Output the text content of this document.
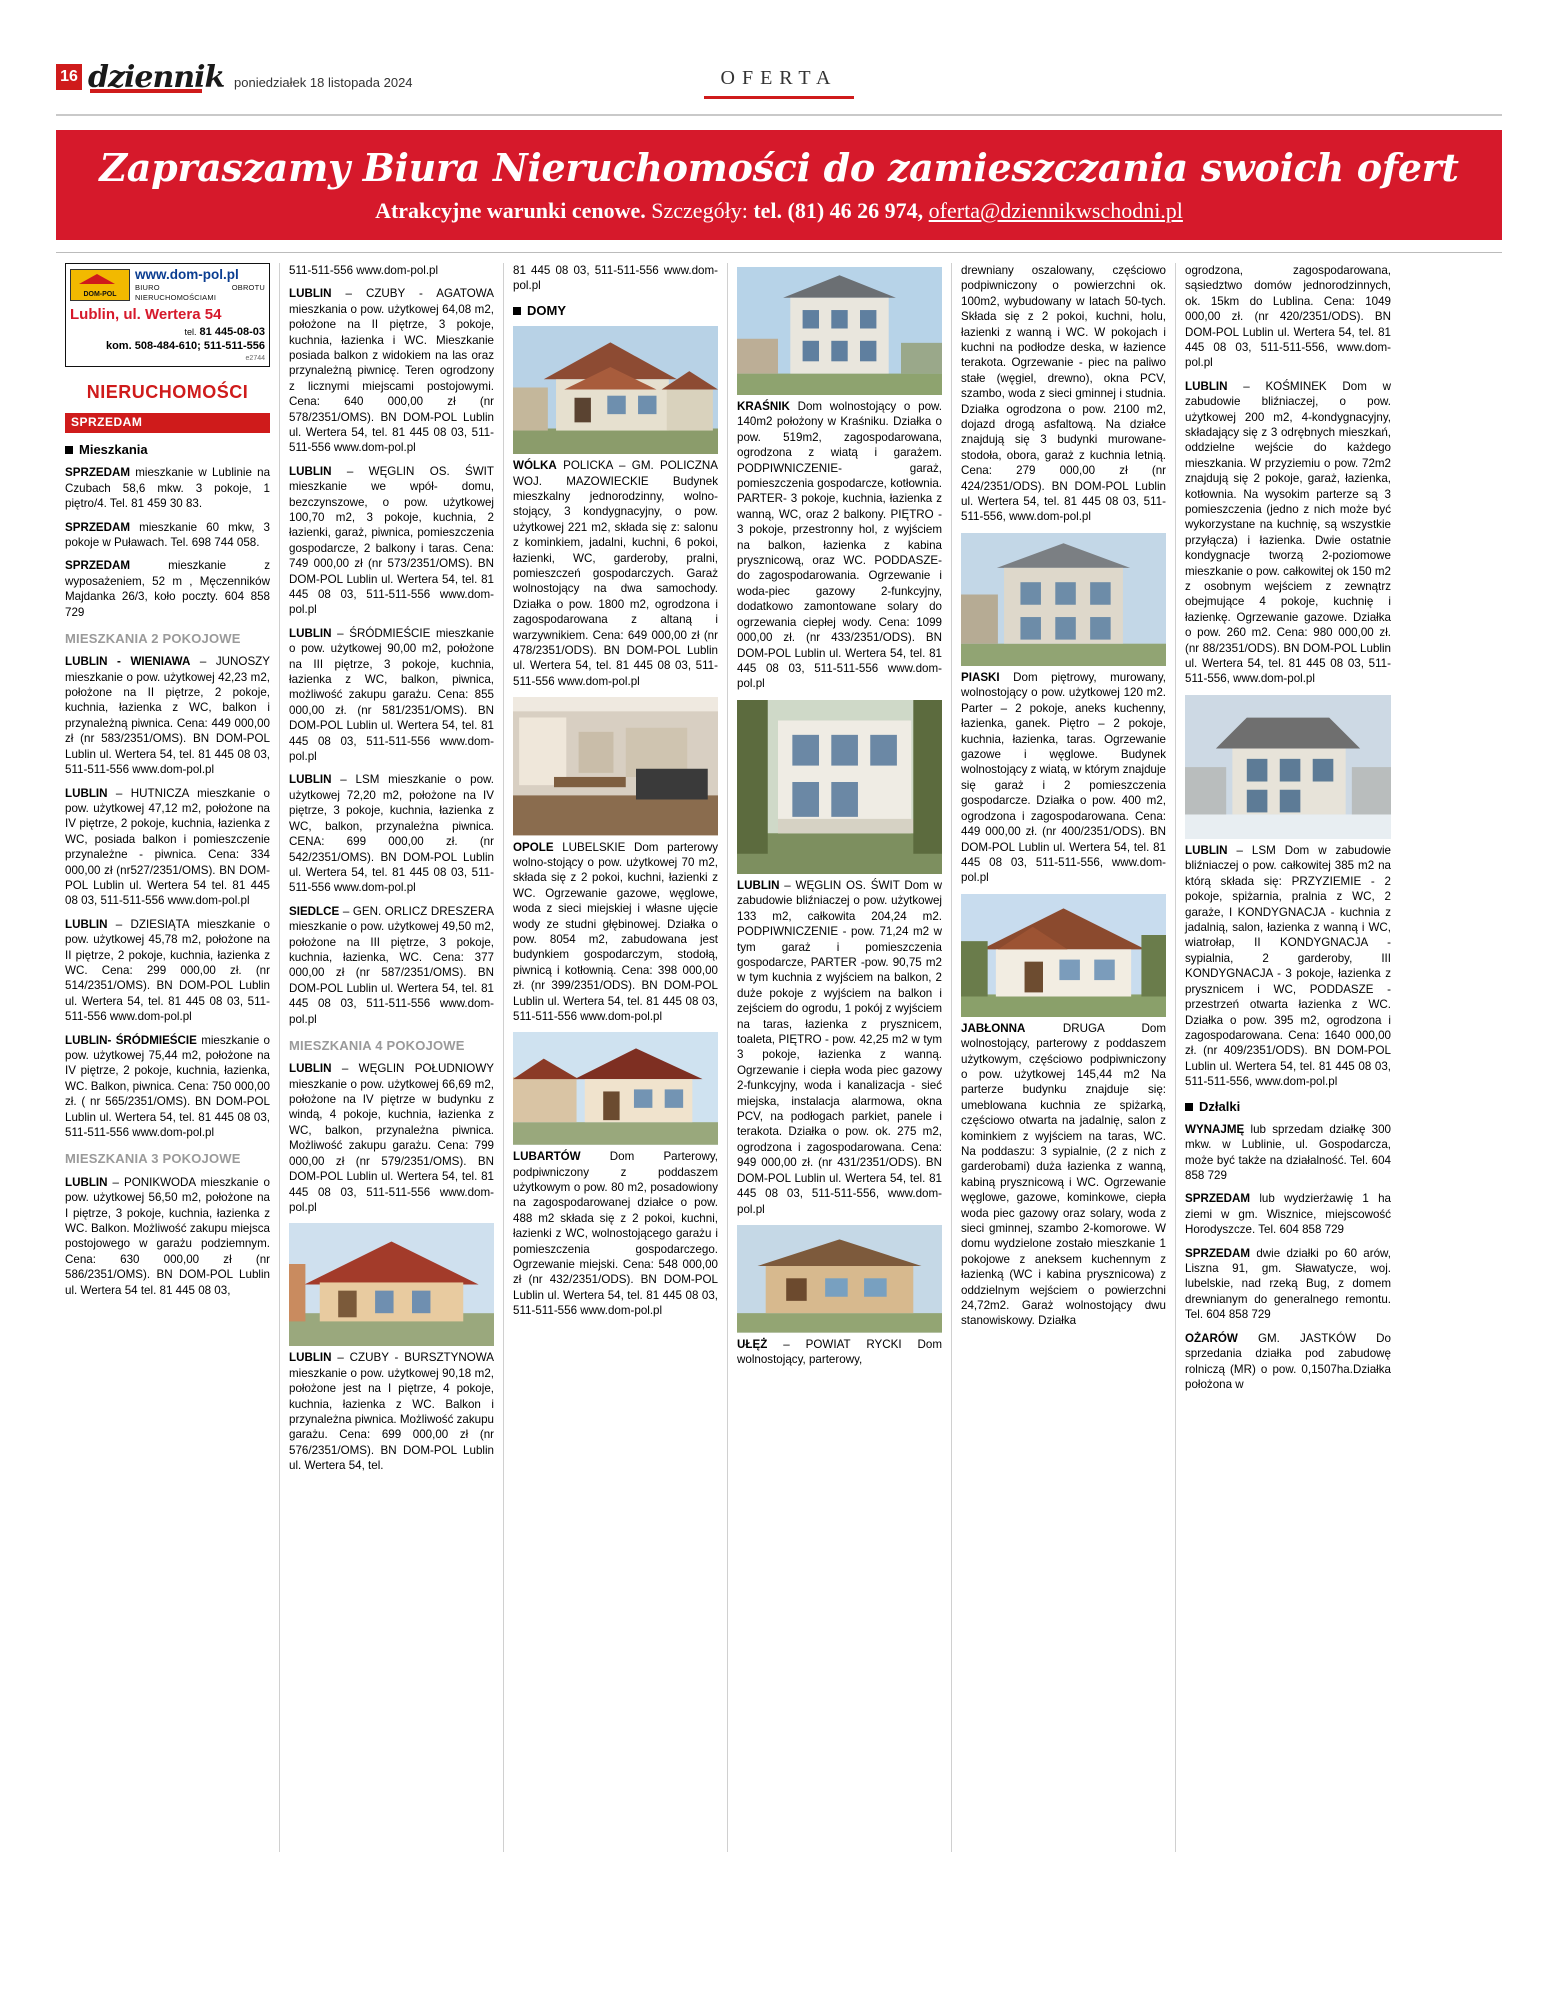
16 dziennik poniedziałek 18 listopada 2024	OFERTA
Zapraszamy Biura Nieruchomości do zamieszczania swoich ofert
Atrakcyjne warunki cenowe. Szczegóły: tel. (81) 46 26 974, oferta@dziennikwschodni.pl
DOM-POL
www.dom-pol.pl
BIURO OBROTU NIERUCHOMOŚCIAMI
Lublin, ul. Wertera 54
tel. 81 445-08-03
kom. 508-484-610; 511-511-556
e2744
NIERUCHOMOŚCI
SPRZEDAM
Mieszkania

SPRZEDAM mieszkanie w Lublinie na Czubach 58,6 mkw. 3 pokoje, 1 piętro/4. Tel. 81 459 30 83.

SPRZEDAM mieszkanie 60 mkw, 3 pokoje w Puławach. Tel. 698 744 058.

SPRZEDAM mieszkanie z wyposażeniem, 52 m , Męczenników Majdanka 26/3, koło poczty. 604 858 729

MIESZKANIA 2 POKOJOWE

LUBLIN - WIENIAWA – JUNOSZY mieszkanie o pow. użytkowej 42,23 m2, położone na II piętrze, 2 pokoje, kuchnia, łazienka z WC, balkon i przynależną piwnica. Cena: 449 000,00 zł (nr 583/2351/OMS). BN DOM-POL Lublin ul. Wertera 54, tel. 81 445 08 03, 511-511-556 www.dom-pol.pl

LUBLIN – HUTNICZA mieszkanie o pow. użytkowej 47,12 m2, położone na IV piętrze, 2 pokoje, kuchnia, łazienka z WC, posiada balkon i pomieszczenie przynależne - piwnica. Cena: 334 000,00 zł (nr527/2351/OMS). BN DOM-POL Lublin ul. Wertera 54 tel. 81 445 08 03, 511-511-556 www.dom-pol.pl

LUBLIN – DZIESIĄTA mieszkanie o pow. użytkowej 45,78 m2, położone na II piętrze, 2 pokoje, kuchnia, łazienka z WC. Cena: 299 000,00 zł. (nr 514/2351/OMS). BN DOM-POL Lublin ul. Wertera 54, tel. 81 445 08 03, 511-511-556 www.dom-pol.pl

LUBLIN- ŚRÓDMIEŚCIE mieszkanie o pow. użytkowej 75,44 m2, położone na IV piętrze, 2 pokoje, kuchnia, łazienka, WC. Balkon, piwnica. Cena: 750 000,00 zł. ( nr 565/2351/OMS). BN DOM-POL Lublin ul. Wertera 54, tel. 81 445 08 03, 511-511-556 www.dom-pol.pl

MIESZKANIA 3 POKOJOWE

LUBLIN – PONIKWODA mieszkanie o pow. użytkowej 56,50 m2, położone na I piętrze, 3 pokoje, kuchnia, łazienka z WC. Balkon. Możliwość zakupu miejsca postojowego w garażu podziemnym. Cena: 630 000,00 zł (nr 586/2351/OMS). BN DOM-POL Lublin ul. Wertera 54 tel. 81 445 08 03,

511-511-556 www.dom-pol.pl

LUBLIN – CZUBY - AGATOWA mieszkania o pow. użytkowej 64,08 m2, położone na II piętrze, 3 pokoje, kuchnia, łazienka i WC. Mieszkanie posiada balkon z widokiem na las oraz przynależną piwnicę. Teren ogrodzony z licznymi miejscami postojowymi. Cena: 640 000,00 zł (nr 578/2351/OMS). BN DOM-POL Lublin ul. Wertera 54, tel. 81 445 08 03, 511-511-556 www.dom-pol.pl

LUBLIN – WĘGLIN OS. ŚWIT mieszkanie we wpół- domu, bezczynszowe, o pow. użytkowej 100,70 m2, 3 pokoje, kuchnia, 2 łazienki, garaż, piwnica, pomieszczenia gospodarcze, 2 balkony i taras. Cena: 749 000,00 zł (nr 573/2351/OMS). BN DOM-POL Lublin ul. Wertera 54, tel. 81 445 08 03, 511-511-556 www.dom-pol.pl

LUBLIN – ŚRÓDMIEŚCIE mieszkanie o pow. użytkowej 90,00 m2, położone na III piętrze, 3 pokoje, kuchnia, łazienka z WC, balkon, piwnica, możliwość zakupu garażu. Cena: 855 000,00 zł. (nr 581/2351/OMS). BN DOM-POL Lublin ul. Wertera 54, tel. 81 445 08 03, 511-511-556 www.dom-pol.pl

LUBLIN – LSM mieszkanie o pow. użytkowej 72,20 m2, położone na IV piętrze, 3 pokoje, kuchnia, łazienka z WC, balkon, przynależna piwnica. CENA: 699 000,00 zł. (nr 542/2351/OMS). BN DOM-POL Lublin ul. Wertera 54, tel. 81 445 08 03, 511-511-556 www.dom-pol.pl

SIEDLCE – GEN. ORLICZ DRESZERA mieszkanie o pow. użytkowej 49,50 m2, położone na III piętrze, 3 pokoje, kuchnia, łazienka, WC. Cena: 377 000,00 zł (nr 587/2351/OMS). BN DOM-POL Lublin ul. Wertera 54, tel. 81 445 08 03, 511-511-556 www.dom-pol.pl

MIESZKANIA 4 POKOJOWE

LUBLIN – WĘGLIN POŁUDNIOWY mieszkanie o pow. użytkowej 66,69 m2, położone na IV piętrze w budynku z windą, 4 pokoje, kuchnia, łazienka z WC, balkon, przynależna piwnica. Możliwość zakupu garażu. Cena: 799 000,00 zł (nr 579/2351/OMS). BN DOM-POL Lublin ul. Wertera 54, tel. 81 445 08 03, 511-511-556 www.dom-pol.pl

LUBLIN – CZUBY - BURSZTYNOWA mieszkanie o pow. użytkowej 90,18 m2, położone jest na I piętrze, 4 pokoje, kuchnia, łazienka z WC. Balkon i przynależna piwnica. Możliwość zakupu garażu. Cena: 699 000,00 zł (nr 576/2351/OMS). BN DOM-POL Lublin ul. Wertera 54, tel.

81 445 08 03, 511-511-556 www.dom-pol.pl

DOMY

WÓLKA POLICKA – GM. POLICZNA WOJ. MAZOWIECKIE Budynek mieszkalny jednorodzinny, wolno-stojący, 3 kondygnacyjny, o pow. użytkowej 221 m2, składa się z: salonu z kominkiem, jadalni, kuchni, 6 pokoi, łazienki, WC, garderoby, pralni, pomieszczeń gospodarczych. Garaż wolnostojący na dwa samochody. Działka o pow. 1800 m2, ogrodzona i zagospodarowana z altaną i warzywnikiem. Cena: 649 000,00 zł (nr 478/2351/ODS). BN DOM-POL Lublin ul. Wertera 54, tel. 81 445 08 03, 511-511-556 www.dom-pol.pl

OPOLE LUBELSKIE Dom parterowy wolno-stojący o pow. użytkowej 70 m2, składa się z 2 pokoi, kuchni, łazienki z WC. Ogrzewanie gazowe, węglowe, woda z sieci miejskiej i własne ujęcie wody ze studni głębinowej. Działka o pow. 8054 m2, zabudowana jest budynkiem gospodarczym, stodołą, piwnicą i kotłownią. Cena: 398 000,00 zł. (nr 399/2351/ODS). BN DOM-POL Lublin ul. Wertera 54, tel. 81 445 08 03, 511-511-556 www.dom-pol.pl

LUBARTÓW	Dom Parterowy, podpiwniczony z poddaszem użytkowym o pow. 80 m2, posadowiony na zagospodarowanej działce o pow. 488 m2 składa się z 2 pokoi, kuchni, łazienki z WC, wolnostojącego garażu i pomieszczenia gospodarczego. Ogrzewanie miejski. Cena: 548 000,00 zł (nr 432/2351/ODS). BN DOM-POL Lublin ul. Wertera 54, tel. 81 445 08 03, 511-511-556 www.dom-pol.pl

KRAŚNIK Dom wolnostojący o pow. 140m2 położony w Kraśniku. Działka o pow. 519m2, zagospodarowana, ogrodzona z wiatą i garażem. PODPIWNICZENIE- garaż, pomieszczenia gospodarcze, kotłownia. PARTER- 3 pokoje, kuchnia, łazienka z wanną, WC, oraz 2 balkony. PIĘTRO - 3 pokoje, przestronny hol, z wyjściem na balkon, łazienka z kabina prysznicową, oraz WC. PODDASZE- do zagospodarowania. Ogrzewanie i woda-piec gazowy 2-funkcyjny, dodatkowo zamontowane solary do ogrzewania ciepłej wody. Cena: 1099 000,00 zł. (nr 433/2351/ODS). BN DOM-POL Lublin ul. Wertera 54, tel. 81 445 08 03, 511-511-556 www.dom-pol.pl

LUBLIN – WĘGLIN OS. ŚWIT Dom w zabudowie bliźniaczej o pow. użytkowej 133 m2, całkowita 204,24 m2. PODPIWNICZENIE - pow. 71,24 m2 w tym garaż i pomieszczenia gospodarcze, PARTER -pow. 90,75 m2 w tym kuchnia z wyjściem na balkon, 2 duże pokoje z wyjściem na balkon i zejściem do ogrodu, 1 pokój z wyjściem na taras, łazienka z prysznicem, toaleta, PIĘTRO - pow. 42,25 m2 w tym 3 pokoje, łazienka z wanną. Ogrzewanie i ciepła woda piec gazowy 2-funkcyjny, woda i kanalizacja - sieć miejska, instalacja alarmowa, okna PCV, na podłogach parkiet, panele i terakota. Działka o pow. ok. 275 m2, ogrodzona i zagospodarowana. Cena: 949 000,00 zł. (nr 431/2351/ODS). BN DOM-POL Lublin ul. Wertera 54, tel. 81 445 08 03, 511-511-556, www.dom-pol.pl

UŁĘŻ – POWIAT RYCKI Dom wolnostojący, parterowy,

drewniany oszalowany, częściowo podpiwniczony o powierzchni ok. 100m2, wybudowany w latach 50-tych. Składa się z 2 pokoi, kuchni, holu, łazienki z wanną i WC. W pokojach i kuchni na podłodze deska, w łazience terakota. Ogrzewanie - piec na paliwo stałe (węgiel, drewno), okna PCV, szambo, woda z sieci gminnej i studnia. Działka ogrodzona o pow. 2100 m2, dojazd drogą asfaltową. Na działce znajdują się 3 budynki murowane- stodoła, obora, garaż z kuchnia letnią. Cena: 279 000,00 zł (nr 424/2351/ODS). BN DOM-POL Lublin ul. Wertera 54, tel. 81 445 08 03, 511-511-556, www.dom-pol.pl

PIASKI Dom piętrowy, murowany, wolnostojący o pow. użytkowej 120 m2. Parter – 2 pokoje, aneks kuchenny, łazienka, ganek. Piętro – 2 pokoje, kuchnia, łazienka, taras. Ogrzewanie gazowe i węglowe. Budynek wolnostojący z wiatą, w którym znajduje się garaż i 2 pomieszczenia gospodarcze. Działka o pow. 400 m2, ogrodzona i zagospodarowana. Cena: 449 000,00 zł. (nr 400/2351/ODS). BN DOM-POL Lublin ul. Wertera 54, tel. 81 445 08 03, 511-511-556, www.dom-pol.pl

JABŁONNA	DRUGA Dom wolnostojący, parterowy z poddaszem użytkowym, częściowo podpiwniczony o pow. użytkowej 145,44 m2 Na parterze budynku znajduje się: umeblowana kuchnia ze spiżarką, częściowo otwarta na jadalnię, salon z kominkiem z wyjściem na taras, WC. Na poddaszu: 3 sypialnie, (2 z nich z garderobami) duża łazienka z wanną, kabiną prysznicową i WC. Ogrzewanie węglowe, gazowe, kominkowe, ciepła woda piec gazowy oraz solary, woda z sieci gminnej, szambo 2-komorowe. W domu wydzielone zostało mieszkanie 1 pokojowe z aneksem kuchennym z łazienką (WC i kabina prysznicowa) z oddzielnym wejściem o powierzchni 24,72m2. Garaż wolnostojący dwu stanowiskowy. Działka

ogrodzona, zagospodarowana, sąsiedztwo domów jednorodzinnych, ok. 15km do Lublina. Cena: 1049 000,00 zł. (nr 420/2351/ODS). BN DOM-POL Lublin ul. Wertera 54, tel. 81 445 08 03, 511-511-556, www.dom-pol.pl

LUBLIN – KOŚMINEK Dom w zabudowie bliźniaczej, o pow. użytkowej 200 m2, 4-kondygnacyjny, składający się z 3 odrębnych mieszkań, oddzielne wejście do każdego mieszkania. W przyziemiu o pow. 72m2 znajdują się 2 pokoje, garaż, łazienka, kotłownia. Na wysokim parterze są 3 pomieszczenia (jedno z nich może być wykorzystane na kuchnię, są wszystkie przyłącza) i łazienka. Dwie ostatnie kondygnacje tworzą 2-poziomowe mieszkanie o pow. całkowitej ok 150 m2 z osobnym wejściem z zewnątrz obejmujące 4 pokoje, kuchnię i łazienkę. Ogrzewanie gazowe. Działka o pow. 260 m2. Cena: 980 000,00 zł. (nr 88/2351/ODS). BN DOM-POL Lublin ul. Wertera 54, tel. 81 445 08 03, 511-511-556, www.dom-pol.pl

LUBLIN – LSM Dom w zabudowie bliźniaczej o pow. całkowitej 385 m2 na którą składa się: PRZYZIEMIE - 2 pokoje, spiżarnia, pralnia z WC, 2 garaże, I KONDYGNACJA - kuchnia z jadalnią, salon, łazienka z wanną i WC, wiatrołap, II KONDYGNACJA - sypialnia, 2 garderoby, III KONDYGNACJA - 3 pokoje, łazienka z prysznicem i WC, PODDASZE - przestrzeń otwarta łazienka z WC. Działka o pow. 395 m2, ogrodzona i zagospodarowana. Cena: 1640 000,00 zł. (nr 409/2351/ODS). BN DOM-POL Lublin ul. Wertera 54, tel. 81 445 08 03, 511-511-556, www.dom-pol.pl

Dzłalki

WYNAJMĘ lub sprzedam działkę 300 mkw. w Lublinie, ul. Gospodarcza, może być także na działalność. Tel. 604 858 729

SPRZEDAM lub wydzierżawię 1 ha ziemi w gm. Wisznice, miejscowość Horodyszcze. Tel. 604 858 729

SPRZEDAM dwie działki po 60 arów, Liszna 91, gm. Sławatycze, woj. lubelskie, nad rzeką Bug, z domem drewnianym do generalnego remontu. Tel. 604 858 729

OŻARÓW GM. JASTKÓW Do sprzedania działka pod zabudowę rolniczą (MR) o pow. 0,1507ha.Działka położona w
